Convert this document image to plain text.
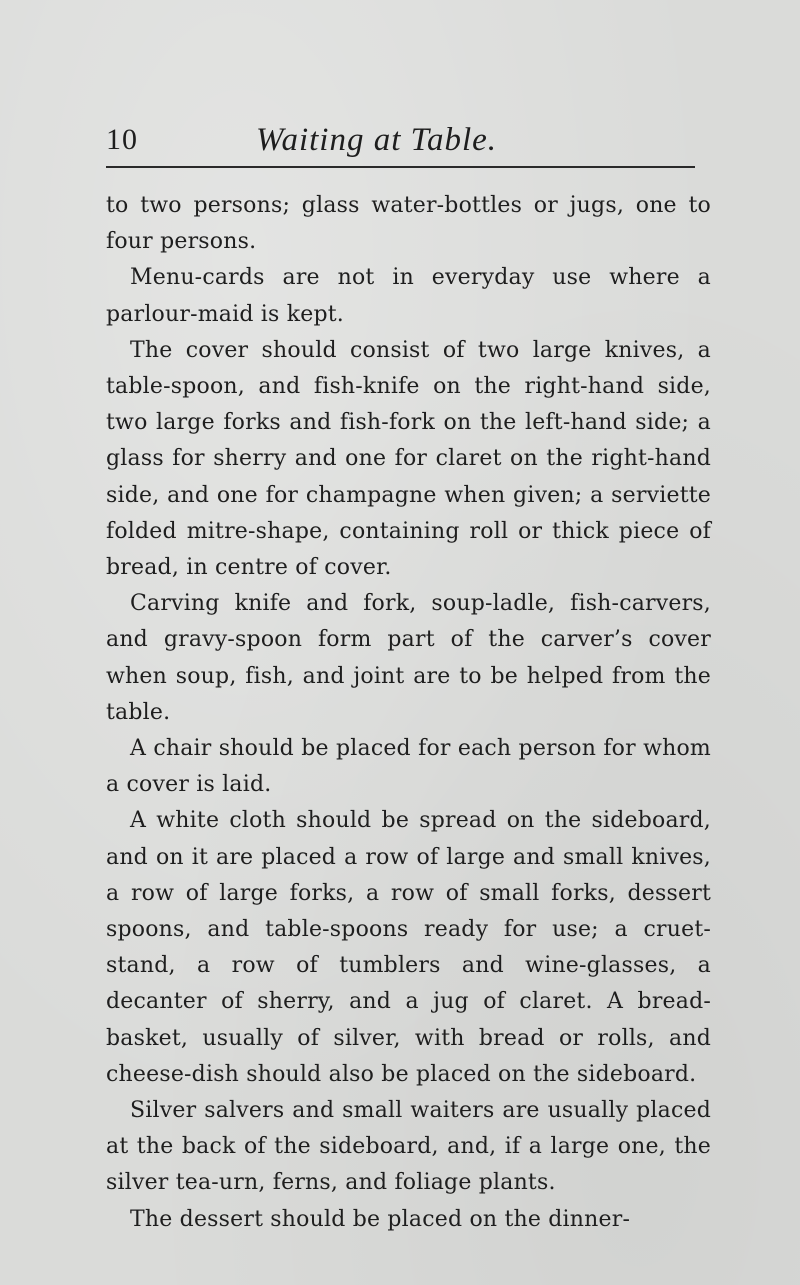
10	Waiting at Table.

to two persons; glass water-bottles or jugs, one to four persons.

Menu-cards are not in everyday use where a parlour-maid is kept.

The cover should consist of two large knives, a table-spoon, and fish-knife on the right-hand side, two large forks and fish-fork on the left-hand side; a glass for sherry and one for claret on the right-hand side, and one for champagne when given; a serviette folded mitre-shape, containing roll or thick piece of bread, in centre of cover.

Carving knife and fork, soup-ladle, fish-carvers, and gravy-spoon form part of the carver’s cover when soup, fish, and joint are to be helped from the table.

A chair should be placed for each person for whom a cover is laid.

A white cloth should be spread on the sideboard, and on it are placed a row of large and small knives, a row of large forks, a row of small forks, dessert spoons, and table-spoons ready for use; a cruet-stand, a row of tumblers and wine-glasses, a decanter of sherry, and a jug of claret. A bread-basket, usually of silver, with bread or rolls, and cheese-dish should also be placed on the sideboard.

Silver salvers and small waiters are usually placed at the back of the sideboard, and, if a large one, the silver tea-urn, ferns, and foliage plants.

The dessert should be placed on the dinner-
